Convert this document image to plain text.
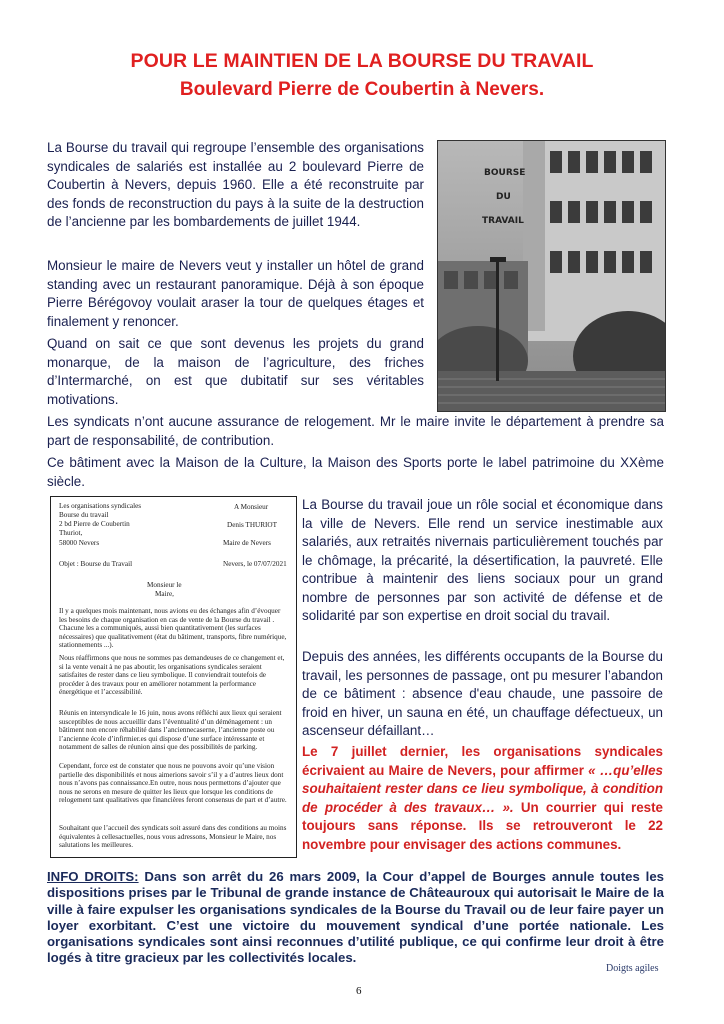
POUR LE MAINTIEN DE LA BOURSE DU TRAVAIL
Boulevard Pierre de Coubertin à Nevers.
La Bourse du travail qui regroupe l’ensemble des organisations syndicales de salariés est installée au 2 boulevard Pierre de Coubertin à Nevers, depuis 1960. Elle a été reconstruite par des fonds de reconstruction du pays à la suite de la destruction de l’ancienne par les bombardements de juillet 1944.
Monsieur le maire de Nevers veut y installer un hôtel de grand standing avec un restaurant panoramique. Déjà à son époque Pierre Bérégovoy voulait araser la tour de quelques étages et finalement y renoncer.
Quand on sait ce que sont devenus les projets du grand monarque, de la maison de l’agriculture, des friches d’Intermarché, on est que dubitatif sur ses véritables motivations.
Les syndicats n’ont aucune assurance de relogement. Mr le maire invite le département à prendre sa part de responsabilité, de contribution.
Ce bâtiment avec la Maison de la Culture, la Maison des Sports porte le label patrimoine du XXème siècle.
BOURSE
DU
TRAVAIL
Les organisations syndicales
Bourse du travail
2 bd Pierre de Coubertin
Thuriot,
58000 Nevers
A Monsieur
Denis THURIOT
Maire de Nevers
Objet : Bourse du Travail	Nevers, le 07/07/2021
Monsieur le
Maire,
Il y a quelques mois maintenant, nous avions eu des échanges afin d’évoquer les besoins de chaque organisation en cas de vente de la Bourse du travail . Chacune les a communiqués, aussi bien quantitativement (les surfaces nécessaires) que qualitativement (état du bâtiment, transports, fibre numérique, stationnements ...).
Nous réaffirmons que nous ne sommes pas demandeuses de ce changement et, si la vente venait à ne pas aboutir, les organisations syndicales seraient satisfaites de rester dans ce lieu symbolique. Il conviendrait toutefois de procéder à des travaux pour en améliorer notamment la performance énergétique et l’accessibilité.
Réunis en intersyndicale le 16 juin, nous avons réfléchi aux lieux qui seraient susceptibles de nous accueillir dans l’éventualité d’un déménagement : un bâtiment non encore réhabilité dans l’anciennecaserne, l’ancienne poste ou l’ancienne école d’infirmier.es qui dispose d’une surface intéressante et notamment de salles de réunion ainsi que des possibilités de parking.
Cependant, force est de constater que nous ne pouvons avoir qu’une vision partielle des disponibilités et nous aimerions savoir s’il y a d’autres lieux dont nous n’avons pas connaissance.En outre, nous nous permettons d’ajouter que nous ne serons en mesure de quitter les lieux que lorsque les conditions de relogement tant qualitatives que financières feront consensus de part et d’autre.
Souhaitant que l’accueil des syndicats soit assuré dans des conditions au moins équivalentes à cellesactuelles, nous vous adressons, Monsieur le Maire, nos salutations les meilleures.
La Bourse du travail joue un rôle social et économique dans la ville de Nevers. Elle rend un service inestimable aux salariés, aux retraités nivernais particulièrement touchés par le chômage, la précarité, la désertification, la pauvreté. Elle contribue à maintenir des liens sociaux pour un grand nombre de personnes par son activité de défense et de solidarité par son expertise en droit social du travail.
Depuis des années, les différents occupants de la Bourse du travail, les personnes de passage, ont pu mesurer l’abandon de ce bâtiment : absence d'eau chaude, une passoire de froid en hiver, un sauna en été, un chauffage défectueux, un ascenseur défaillant…
Le 7 juillet dernier, les organisations syndicales écrivaient au Maire de Nevers, pour affirmer « …qu’elles souhaitaient rester dans ce lieu symbolique, à condition de procéder à des travaux… ». Un courrier qui reste toujours sans réponse. Ils se retrouveront le 22 novembre pour envisager des actions communes.
INFO DROITS: Dans son arrêt du 26 mars 2009, la Cour d’appel de Bourges annule toutes les dispositions prises par le Tribunal de grande instance de Châteauroux qui autorisait le Maire de la ville à faire expulser les organisations syndicales de la Bourse du Travail ou de leur faire payer un loyer exorbitant. C’est une victoire du mouvement syndical d’une portée nationale. Les organisations syndicales sont ainsi reconnues d’utilité publique, ce qui confirme leur droit à être logés à titre gracieux par les collectivités locales.
Doigts agiles
6
